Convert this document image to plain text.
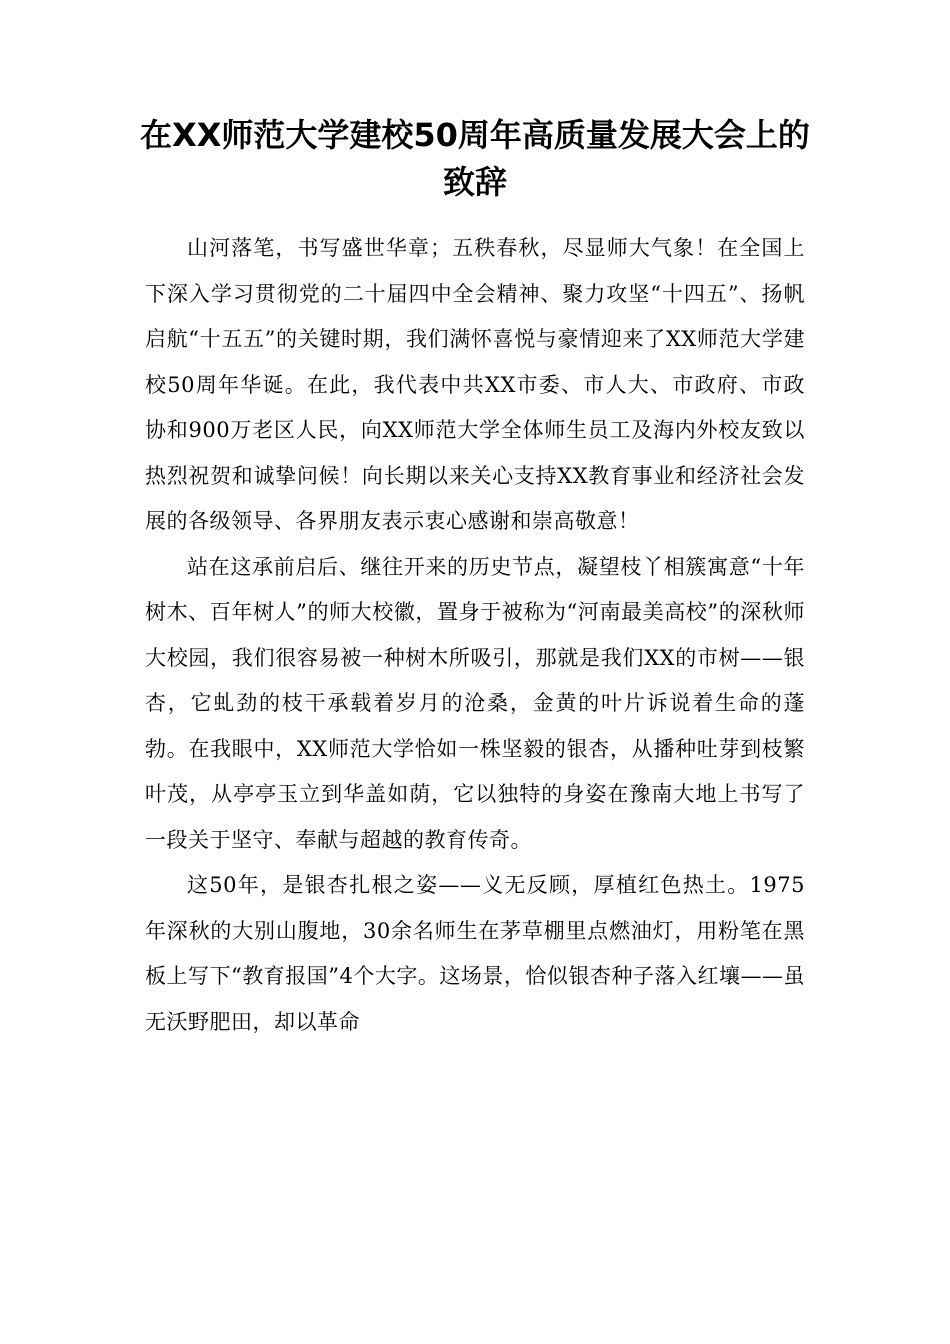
在XX师范大学建校50周年高质量发展大会上的致辞

山河落笔，书写盛世华章；五秩春秋，尽显师大气象！在全国上下深入学习贯彻党的二十届四中全会精神、聚力攻坚“十四五”、扬帆启航“十五五”的关键时期，我们满怀喜悦与豪情迎来了XX师范大学建校50周年华诞。在此，我代表中共XX市委、市人大、市政府、市政协和900万老区人民，向XX师范大学全体师生员工及海内外校友致以热烈祝贺和诚挚问候！向长期以来关心支持XX教育事业和经济社会发展的各级领导、各界朋友表示衷心感谢和崇高敬意！

站在这承前启后、继往开来的历史节点，凝望枝丫相簇寓意“十年树木、百年树人”的师大校徽，置身于被称为“河南最美高校”的深秋师大校园，我们很容易被一种树木所吸引，那就是我们XX的市树——银杏，它虬劲的枝干承载着岁月的沧桑，金黄的叶片诉说着生命的蓬勃。在我眼中，XX师范大学恰如一株坚毅的银杏，从播种吐芽到枝繁叶茂，从亭亭玉立到华盖如荫，它以独特的身姿在豫南大地上书写了一段关于坚守、奉献与超越的教育传奇。

这50年，是银杏扎根之姿——义无反顾，厚植红色热土。1975年深秋的大别山腹地，30余名师生在茅草棚里点燃油灯，用粉笔在黑板上写下“教育报国”4个大字。这场景，恰似银杏种子落入红壤——虽无沃野肥田，却以革命
